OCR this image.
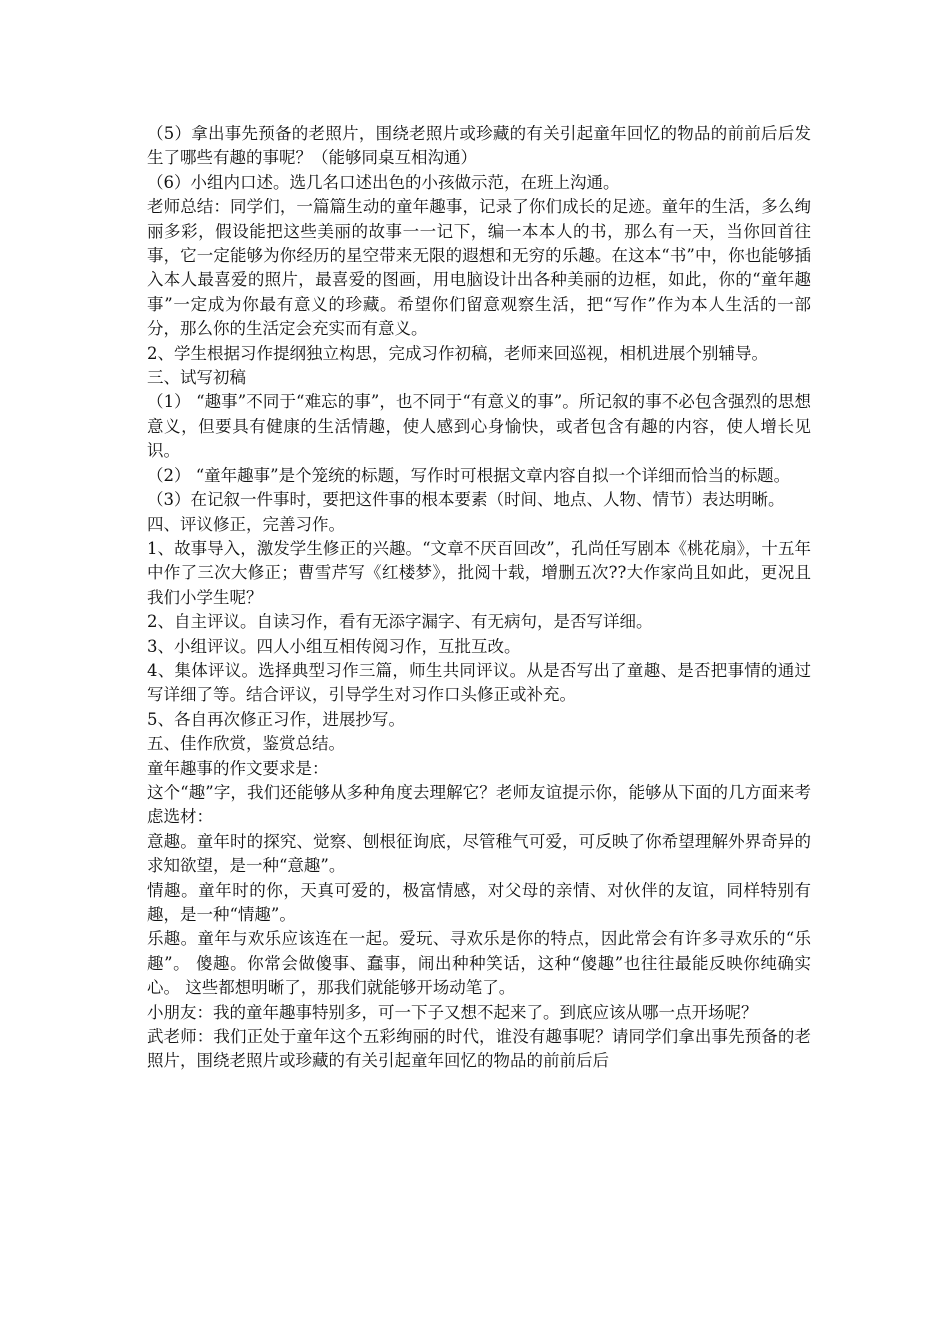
（5）拿出事先预备的老照片，围绕老照片或珍藏的有关引起童年回忆的物品的前前后后发生了哪些有趣的事呢？（能够同桌互相沟通）

（6）小组内口述。选几名口述出色的小孩做示范，在班上沟通。

老师总结：同学们，一篇篇生动的童年趣事，记录了你们成长的足迹。童年的生活，多么绚丽多彩，假设能把这些美丽的故事一一记下，编一本本人的书，那么有一天，当你回首往事，它一定能够为你经历的星空带来无限的遐想和无穷的乐趣。在这本“书”中，你也能够插入本人最喜爱的照片，最喜爱的图画，用电脑设计出各种美丽的边框，如此，你的“童年趣事”一定成为你最有意义的珍藏。希望你们留意观察生活，把“写作”作为本人生活的一部分，那么你的生活定会充实而有意义。

2、学生根据习作提纲独立构思，完成习作初稿，老师来回巡视，相机进展个别辅导。

三、试写初稿

（1） “趣事”不同于“难忘的事”，也不同于“有意义的事”。所记叙的事不必包含强烈的思想意义，但要具有健康的生活情趣，使人感到心身愉快，或者包含有趣的内容，使人增长见识。

（2） “童年趣事”是个笼统的标题，写作时可根据文章内容自拟一个详细而恰当的标题。

（3）在记叙一件事时，要把这件事的根本要素（时间、地点、人物、情节）表达明晰。

四、评议修正，完善习作。

1、故事导入，激发学生修正的兴趣。“文章不厌百回改”，孔尚任写剧本《桃花扇》，十五年中作了三次大修正；曹雪芹写《红楼梦》，批阅十载，增删五次??大作家尚且如此，更况且我们小学生呢？

2、自主评议。自读习作，看有无添字漏字、有无病句，是否写详细。

3、小组评议。四人小组互相传阅习作，互批互改。

4、集体评议。选择典型习作三篇，师生共同评议。从是否写出了童趣、是否把事情的通过写详细了等。结合评议，引导学生对习作口头修正或补充。

5、各自再次修正习作，进展抄写。

五、佳作欣赏，鉴赏总结。

童年趣事的作文要求是：

这个“趣”字，我们还能够从多种角度去理解它？老师友谊提示你，能够从下面的几方面来考虑选材：

意趣。童年时的探究、觉察、刨根征询底，尽管稚气可爱，可反映了你希望理解外界奇异的求知欲望，是一种“意趣”。

情趣。童年时的你，天真可爱的，极富情感，对父母的亲情、对伙伴的友谊，同样特别有趣，是一种“情趣”。

乐趣。童年与欢乐应该连在一起。爱玩、寻欢乐是你的特点，因此常会有许多寻欢乐的“乐趣”。 傻趣。你常会做傻事、蠢事，闹出种种笑话，这种“傻趣”也往往最能反映你纯确实心。 这些都想明晰了，那我们就能够开场动笔了。

小朋友：我的童年趣事特别多，可一下子又想不起来了。到底应该从哪一点开场呢？

武老师：我们正处于童年这个五彩绚丽的时代，谁没有趣事呢？请同学们拿出事先预备的老照片，围绕老照片或珍藏的有关引起童年回忆的物品的前前后后
